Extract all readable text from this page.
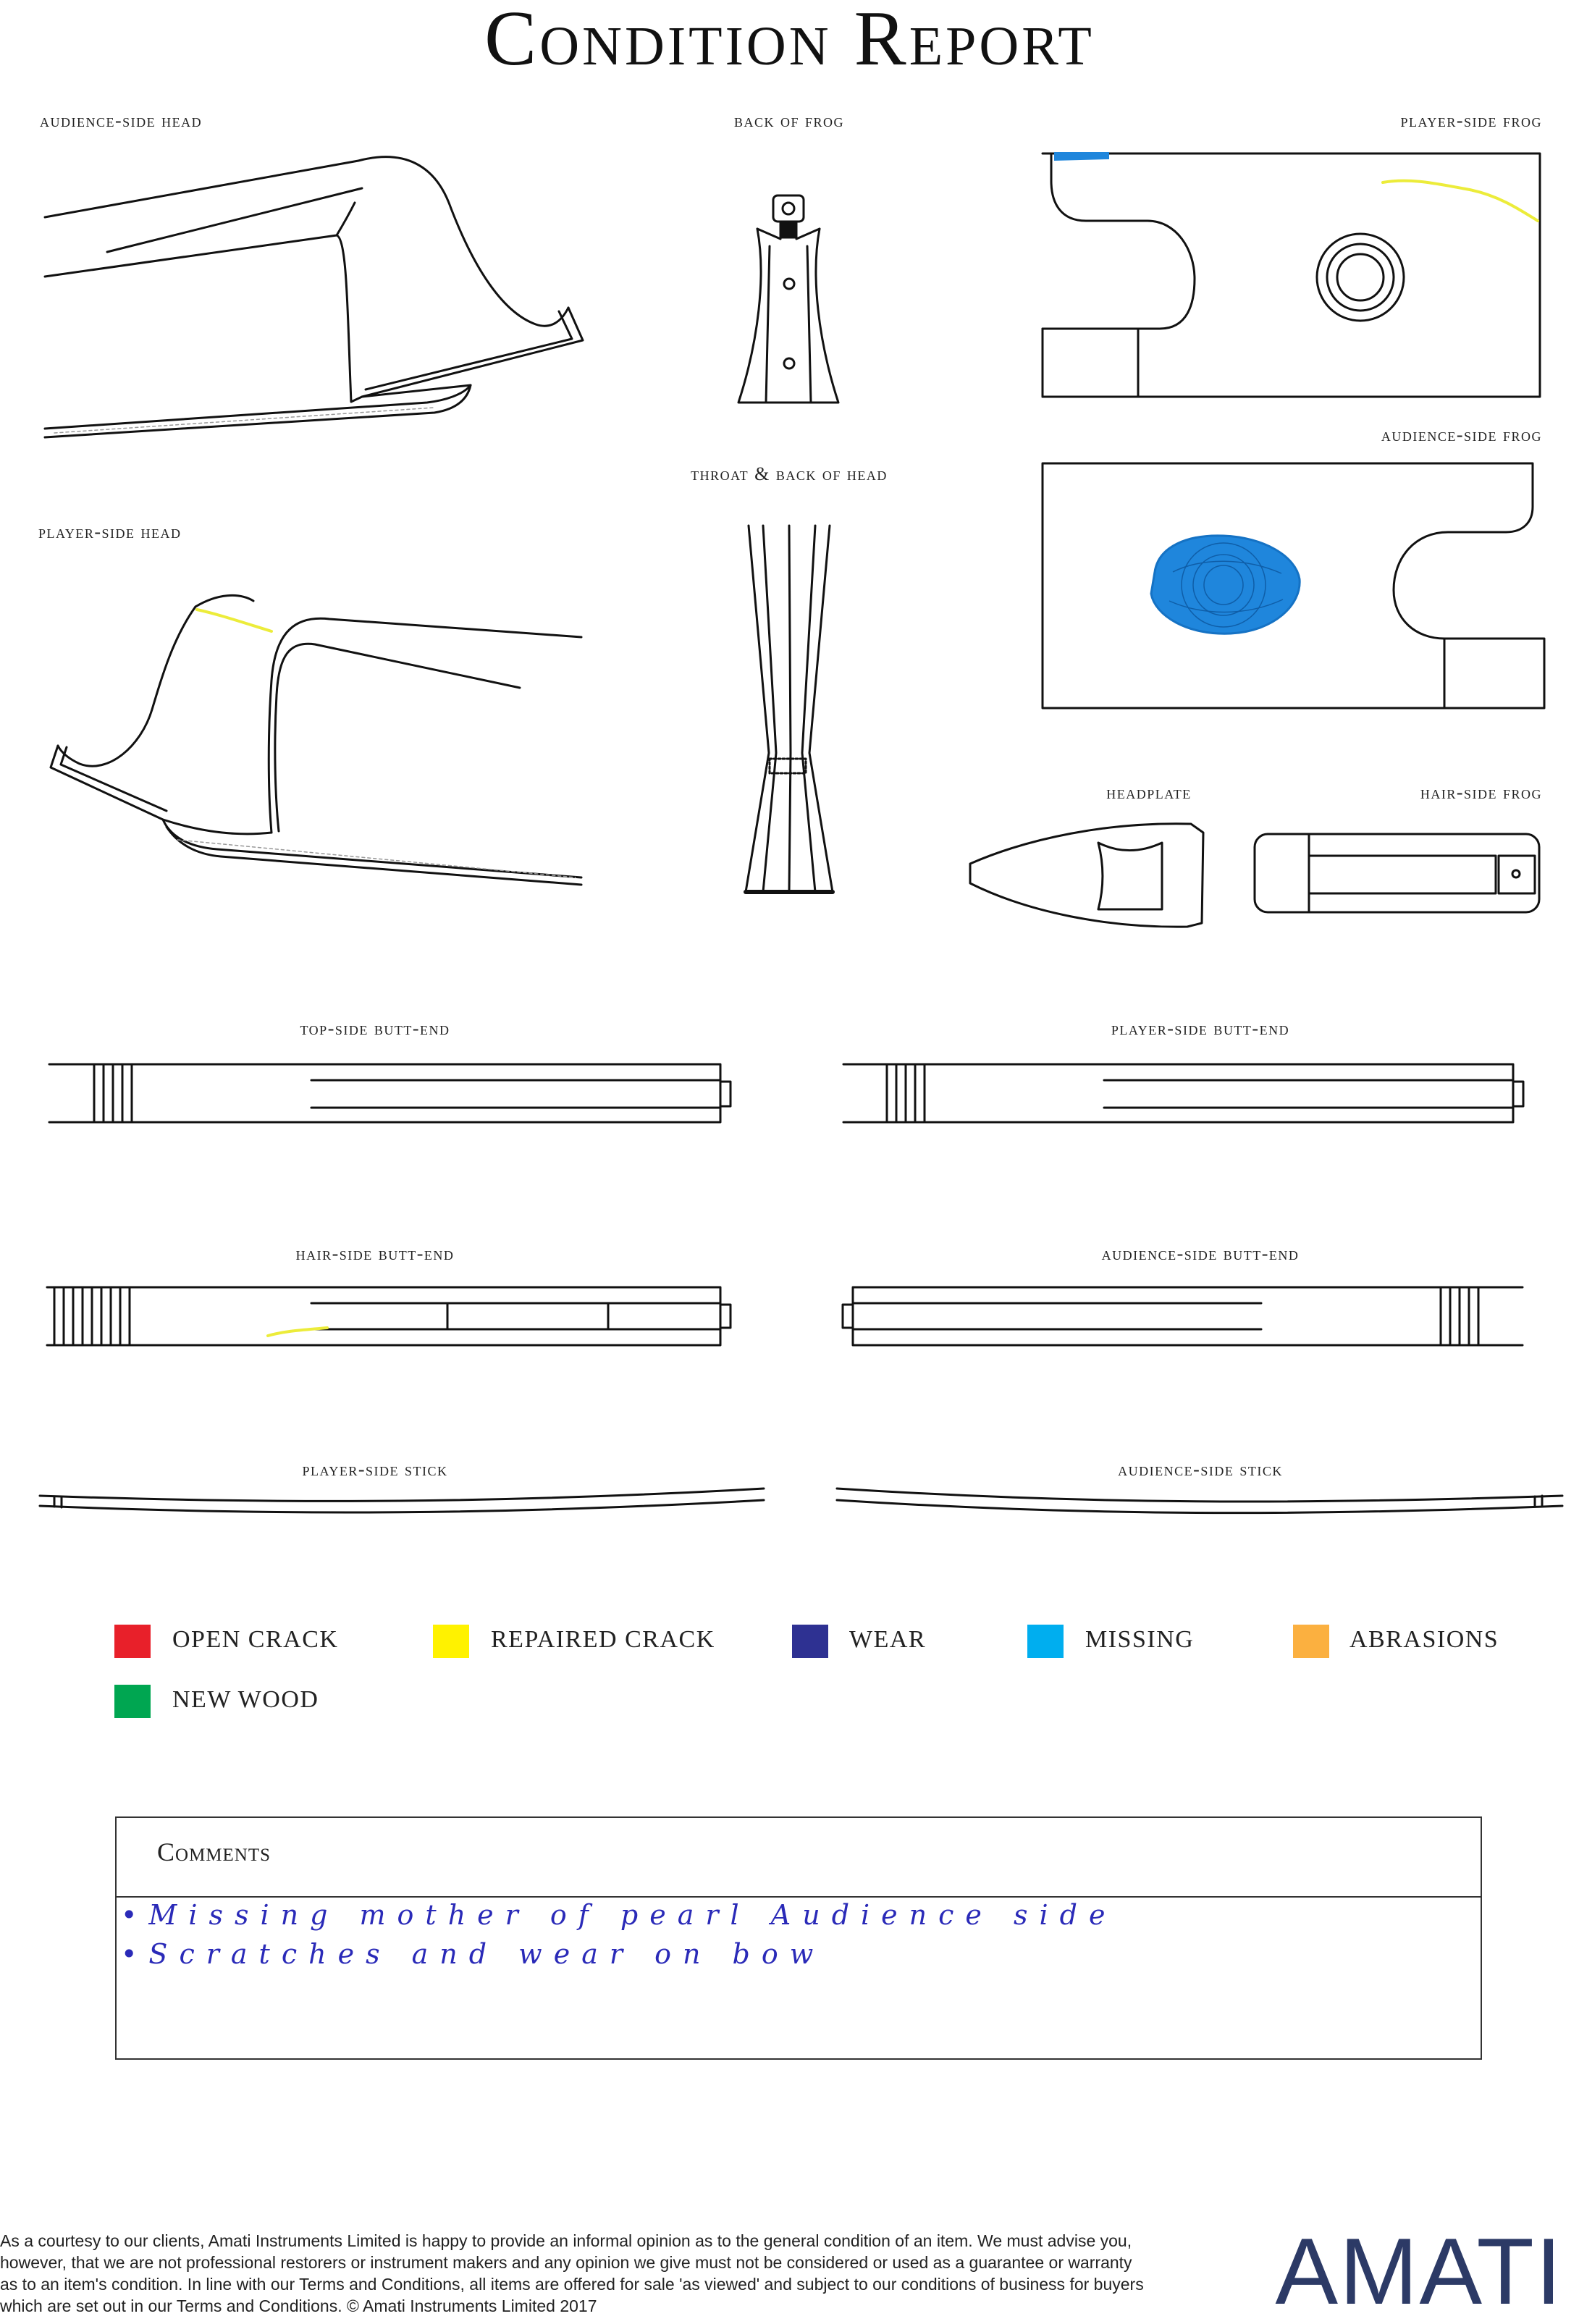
Condition Report
audience-side head	back of frog	player-side frog
throat & back of head
audience-side frog
player-side head
headplate	hair-side frog
top-side butt-end	player-side butt-end
hair-side butt-end	audience-side butt-end
player-side stick	audience-side stick
OPEN CRACK	REPAIRED CRACK	WEAR	MISSING	ABRASIONS
NEW WOOD
Comments
•Missing mother of pearl Audience side
•Scratches and wear on bow
As a courtesy to our clients, Amati Instruments Limited is happy to provide an informal opinion as to the general condition of an item. We must advise you, however, that we are not professional restorers or instrument makers and any opinion we give must not be considered or used as a guarantee or warranty as to an item's condition. In line with our Terms and Conditions, all items are offered for sale 'as viewed' and subject to our conditions of business for buyers which are set out in our Terms and Conditions. © Amati Instruments Limited 2017	AMATI
